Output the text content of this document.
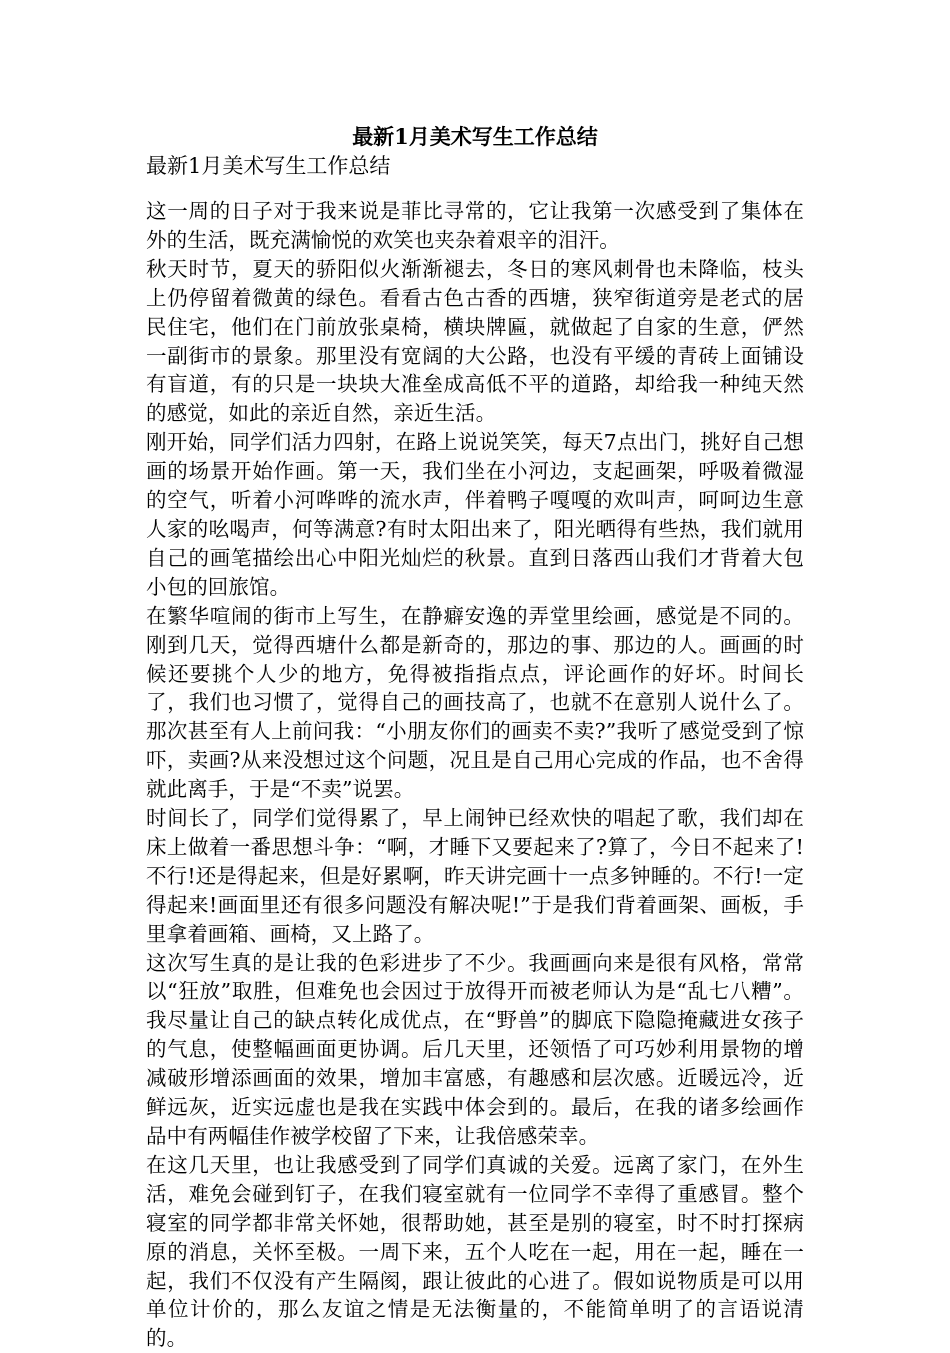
最新1月美术写生工作总结
最新1月美术写生工作总结

这一周的日子对于我来说是菲比寻常的，它让我第一次感受到了集体在外的生活，既充满愉悦的欢笑也夹杂着艰辛的泪汗。

秋天时节，夏天的骄阳似火渐渐褪去，冬日的寒风刺骨也未降临，枝头上仍停留着微黄的绿色。看看古色古香的西塘，狭窄街道旁是老式的居民住宅，他们在门前放张桌椅，横块牌匾，就做起了自家的生意，俨然一副街市的景象。那里没有宽阔的大公路，也没有平缓的青砖上面铺设有盲道，有的只是一块块大准垒成高低不平的道路，却给我一种纯天然的感觉，如此的亲近自然，亲近生活。

刚开始，同学们活力四射，在路上说说笑笑，每天7点出门，挑好自己想画的场景开始作画。第一天，我们坐在小河边，支起画架，呼吸着微湿的空气，听着小河哗哗的流水声，伴着鸭子嘎嘎的欢叫声，呵呵边生意人家的吆喝声，何等满意?有时太阳出来了，阳光晒得有些热，我们就用自己的画笔描绘出心中阳光灿烂的秋景。直到日落西山我们才背着大包小包的回旅馆。

在繁华喧闹的街市上写生，在静癖安逸的弄堂里绘画，感觉是不同的。刚到几天，觉得西塘什么都是新奇的，那边的事、那边的人。画画的时候还要挑个人少的地方，免得被指指点点，评论画作的好坏。时间长了，我们也习惯了，觉得自己的画技高了，也就不在意别人说什么了。那次甚至有人上前问我：“小朋友你们的画卖不卖?”我听了感觉受到了惊吓，卖画?从来没想过这个问题，况且是自己用心完成的作品，也不舍得就此离手，于是“不卖”说罢。

时间长了，同学们觉得累了，早上闹钟已经欢快的唱起了歌，我们却在床上做着一番思想斗争：“啊，才睡下又要起来了?算了，今日不起来了!不行!还是得起来，但是好累啊，昨天讲完画十一点多钟睡的。不行!一定得起来!画面里还有很多问题没有解决呢!”于是我们背着画架、画板，手里拿着画箱、画椅，又上路了。

这次写生真的是让我的色彩进步了不少。我画画向来是很有风格，常常以“狂放”取胜，但难免也会因过于放得开而被老师认为是“乱七八糟”。我尽量让自己的缺点转化成优点，在“野兽”的脚底下隐隐掩藏进女孩子的气息，使整幅画面更协调。后几天里，还领悟了可巧妙利用景物的增减破形增添画面的效果，增加丰富感，有趣感和层次感。近暖远冷，近鲜远灰，近实远虚也是我在实践中体会到的。最后，在我的诸多绘画作品中有两幅佳作被学校留了下来，让我倍感荣幸。

在这几天里，也让我感受到了同学们真诚的关爱。远离了家门，在外生活，难免会碰到钉子，在我们寝室就有一位同学不幸得了重感冒。整个寝室的同学都非常关怀她，很帮助她，甚至是别的寝室，时不时打探病原的消息，关怀至极。一周下来，五个人吃在一起，用在一起，睡在一起，我们不仅没有产生隔阂，跟让彼此的心进了。假如说物质是可以用单位计价的，那么友谊之情是无法衡量的，不能简单明了的言语说清的。
